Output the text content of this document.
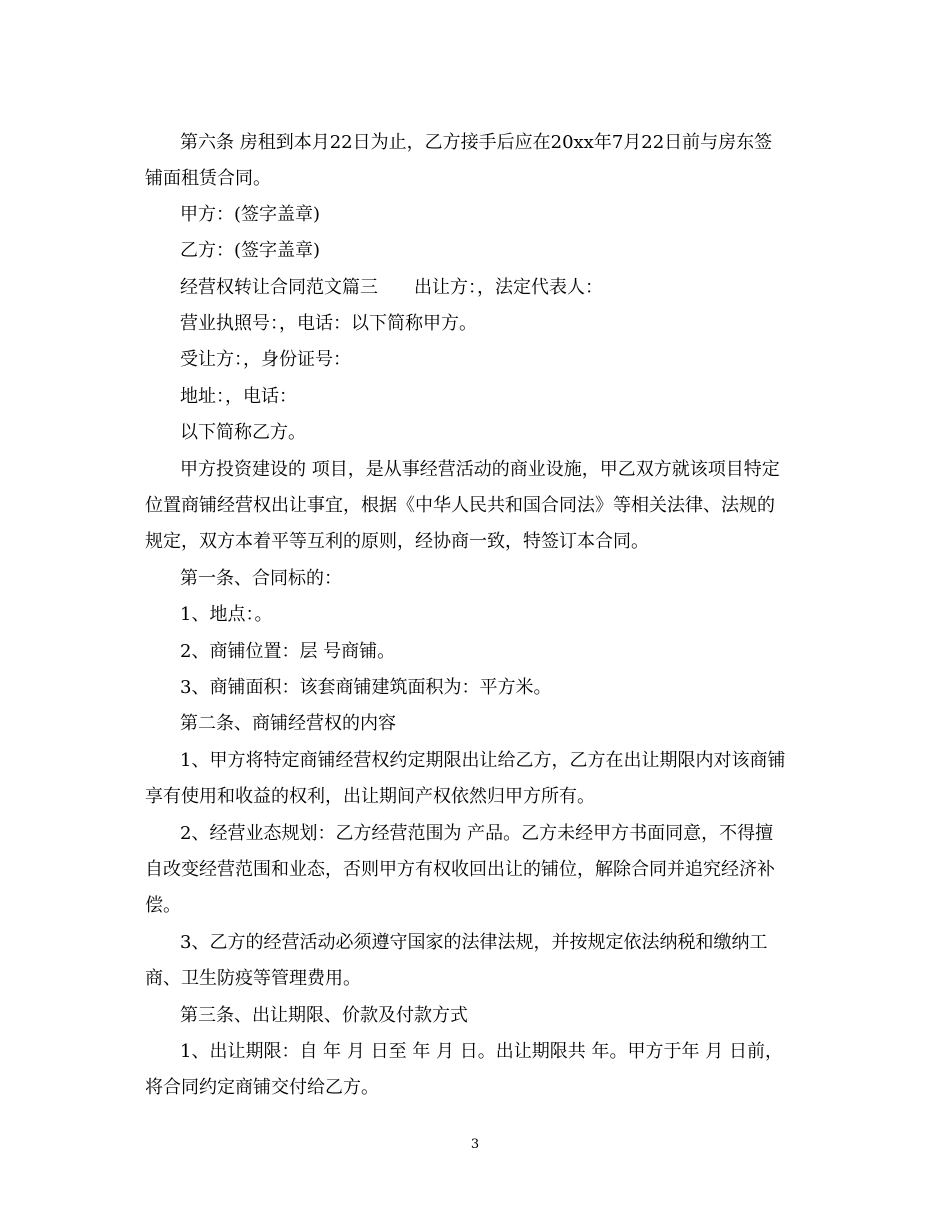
第六条 房租到本月22日为止，乙方接手后应在20xx年7月22日前与房东签
铺面租赁合同。
甲方：(签字盖章)
乙方：(签字盖章)
经营权转让合同范文篇三　　出让方：，法定代表人：
营业执照号：，电话：以下简称甲方。
受让方：，身份证号：
地址：，电话：
以下简称乙方。
甲方投资建设的 项目，是从事经营活动的商业设施，甲乙双方就该项目特定
位置商铺经营权出让事宜，根据《中华人民共和国合同法》等相关法律、法规的
规定，双方本着平等互利的原则，经协商一致，特签订本合同。
第一条、合同标的：
1、地点：。
2、商铺位置：层 号商铺。
3、商铺面积：该套商铺建筑面积为：平方米。
第二条、商铺经营权的内容
1、甲方将特定商铺经营权约定期限出让给乙方，乙方在出让期限内对该商铺
享有使用和收益的权利，出让期间产权依然归甲方所有。
2、经营业态规划：乙方经营范围为 产品。乙方未经甲方书面同意，不得擅
自改变经营范围和业态，否则甲方有权收回出让的铺位，解除合同并追究经济补
偿。
3、乙方的经营活动必须遵守国家的法律法规，并按规定依法纳税和缴纳工
商、卫生防疫等管理费用。
第三条、出让期限、价款及付款方式
1、出让期限：自 年 月 日至 年 月 日。出让期限共 年。甲方于年 月 日前，
将合同约定商铺交付给乙方。
3
